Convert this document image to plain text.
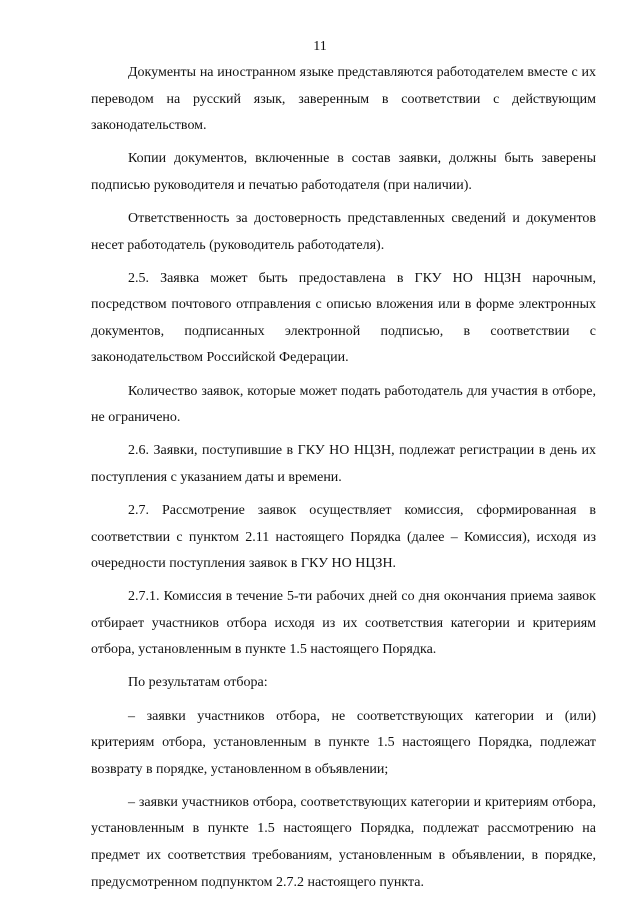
11

Документы на иностранном языке представляются работодателем вместе с их переводом на русский язык, заверенным в соответствии с действующим законодательством.

Копии документов, включенные в состав заявки, должны быть заверены подписью руководителя и печатью работодателя (при наличии).

Ответственность за достоверность представленных сведений и документов несет работодатель (руководитель работодателя).

2.5. Заявка может быть предоставлена в ГКУ НО НЦЗН нарочным, посредством почтового отправления с описью вложения или в форме электронных документов, подписанных электронной подписью, в соответствии с законодательством Российской Федерации.

Количество заявок, которые может подать работодатель для участия в отборе, не ограничено.

2.6. Заявки, поступившие в ГКУ НО НЦЗН, подлежат регистрации в день их поступления с указанием даты и времени.

2.7. Рассмотрение заявок осуществляет комиссия, сформированная в соответствии с пунктом 2.11 настоящего Порядка (далее – Комиссия), исходя из очередности поступления заявок в ГКУ НО НЦЗН.

2.7.1. Комиссия в течение 5-ти рабочих дней со дня окончания приема заявок отбирает участников отбора исходя из их соответствия категории и критериям отбора, установленным в пункте 1.5 настоящего Порядка.

По результатам отбора:

– заявки участников отбора, не соответствующих категории и (или) критериям отбора, установленным в пункте 1.5 настоящего Порядка, подлежат возврату в порядке, установленном в объявлении;

– заявки участников отбора, соответствующих категории и критериям отбора, установленным в пункте 1.5 настоящего Порядка, подлежат рассмотрению на предмет их соответствия требованиям, установленным в объявлении, в порядке, предусмотренном подпунктом 2.7.2 настоящего пункта.
